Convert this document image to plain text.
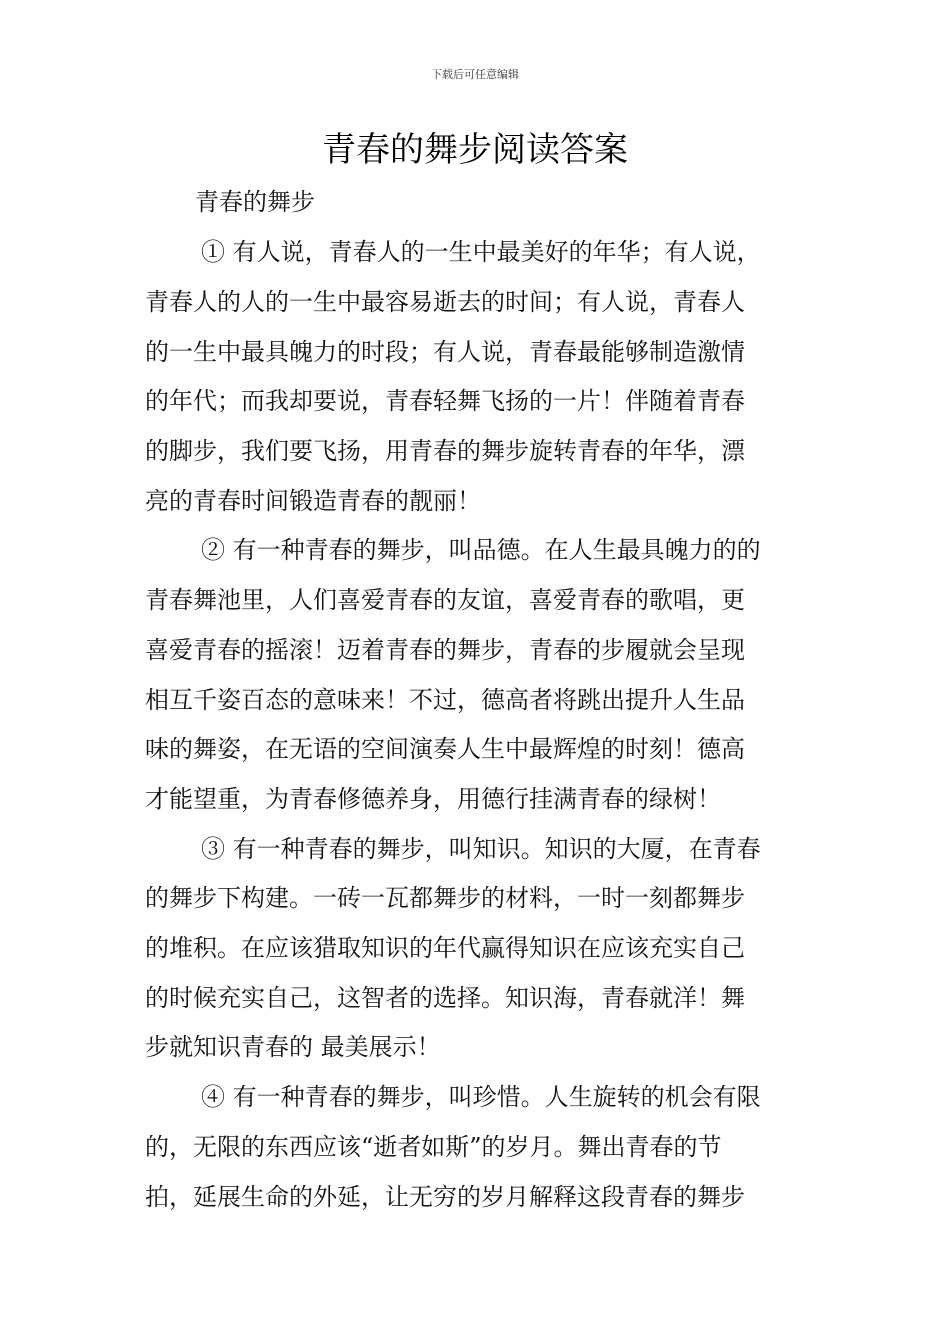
下载后可任意编辑
青春的舞步阅读答案

青春的舞步

① 有人说，青春人的一生中最美好的年华；有人说，
青春人的人的一生中最容易逝去的时间；有人说，青春人
的一生中最具魄力的时段；有人说，青春最能够制造激情
的年代；而我却要说，青春轻舞飞扬的一片！伴随着青春
的脚步，我们要飞扬，用青春的舞步旋转青春的年华，漂
亮的青春时间锻造青春的靓丽！

② 有一种青春的舞步，叫品德。在人生最具魄力的的
青春舞池里，人们喜爱青春的友谊，喜爱青春的歌唱，更
喜爱青春的摇滚！迈着青春的舞步，青春的步履就会呈现
相互千姿百态的意味来！不过，德高者将跳出提升人生品
味的舞姿，在无语的空间演奏人生中最辉煌的时刻！德高
才能望重，为青春修德养身，用德行挂满青春的绿树！

③ 有一种青春的舞步，叫知识。知识的大厦，在青春
的舞步下构建。一砖一瓦都舞步的材料，一时一刻都舞步
的堆积。在应该猎取知识的年代赢得知识在应该充实自己
的时候充实自己，这智者的选择。知识海，青春就洋！舞
步就知识青春的 最美展示！

④ 有一种青春的舞步，叫珍惜。人生旋转的机会有限
的，无限的东西应该“逝者如斯”的岁月。舞出青春的节
拍，延展生命的外延，让无穷的岁月解释这段青春的舞步
